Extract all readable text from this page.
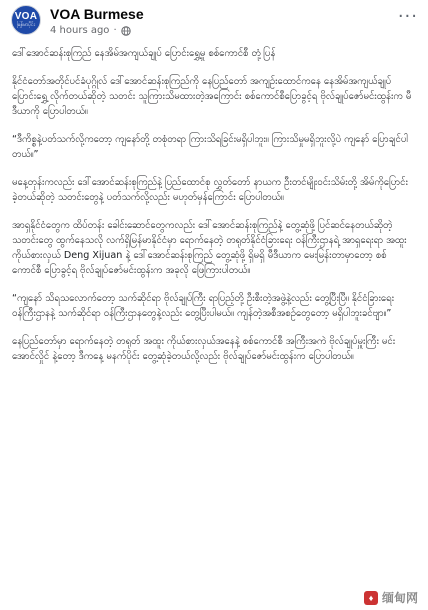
VOA
မြန်မာပိုင်း
VOA Burmese
4 hours ago ·
···

ဒေါ်အောင်ဆန်းစုကြည် နေအိမ်အကျယ်ချုပ် ပြောင်းရွှေ့မှု စစ်ကောင်စီ တုံ့ပြန်

နိုင်ငံတော်အတိုင်ပင်ခံပုဂ္ဂိုလ် ဒေါ်အောင်ဆန်းစုကြည်ကို နေပြည်တော် အကျဉ်းထောင်ကနေ နေအိမ်အကျယ်ချုပ် ပြောင်းရွှေ့ လိုက်တယ်ဆိုတဲ့ သတင်း သူကြားသိမထားတဲ့အကြောင်း စစ်ကောင်စီပြောခွင့်ရ ဗိုလ်ချုပ်ဇော်မင်းထွန်းက မီဒီယာကို ပြောပါတယ်။

“ဒီကိစ္စနဲ့ပတ်သက်လို့ကတော့ ကျနော်တို့ တစုံတရာ ကြားသိရခြင်းမရှိပါဘူး။ ကြားသိမှုမရှိဘူးလို့ပဲ ကျနော် ပြောချင်ပါတယ်။”

မနေ့တုန်းကလည်း ဒေါ်အောင်ဆန်းစုကြည်နဲ့ ပြည်ထောင်စု လွှတ်တော် နာယက ဦးတင်မျိုးဝင်းသိမ်းတို့ အိမ်ကိုပြောင်းခဲ့တယ်ဆိုတဲ့ သတင်းတွေနဲ့ ပတ်သက်လို့လည်း မဟုတ်မှန်ကြောင်း ပြောပါတယ်။

အာရှနိုင်ငံတွေက ထိပ်တန်း ခေါင်းဆောင်တွေကလည်း ဒေါ်အောင်ဆန်းစုကြည်နဲ့ တွေ့ဆုံဖို့ ပြင်ဆင်နေတယ်ဆိုတဲ့ သတင်းတွေ ထွက်နေသလို လက်ရှိမြန်မာနိုင်ငံမှာ ရောက်နေတဲ့ တရုတ်နိုင်ငံခြားရေး ဝန်ကြီးဌာနရဲ့ အာရှရေးရာ အထူးကိုယ်စားလှယ် Deng Xijuan နဲ့ ဒေါ်အောင်ဆန်းစုကြည် တွေ့ဆုံဖို့ ရှိမရှိ မီဒီယာက မေးမြန်းတာမှာတော့ စစ်ကောင်စီ ပြောခွင့်ရ ဗိုလ်ချုပ်ဇော်မင်းထွန်းက အခုလို ဖြေကြားပါတယ်။

“ကျနော် သိရသလောက်တော့ သက်ဆိုင်ရာ ဗိုလ်ချုပ်ကြီး ရာပြည့်တို့ ဦးစီးတဲ့အဖွဲ့နဲ့လည်း တွေ့ပြီးပြီ။ နိုင်ငံခြားရေးဝန်ကြီးဌာနနဲ့ သက်ဆိုင်ရာ ဝန်ကြီးဌာနတွေနဲ့လည်း တွေ့ပြီးပါမယ်။ ကျန်တဲ့အစီအစဉ်တွေတော့ မရှိပါဘူးခင်ဗျာ။”

နေပြည်တော်မှာ ရောက်နေတဲ့ တရုတ် အထူး ကိုယ်စားလှယ်အနေနဲ့ စစ်ကောင်စီ အကြီးအကဲ ဗိုလ်ချုပ်မှူးကြီး မင်းအောင်လှိုင် နဲ့တော့ ဒီကနေ့ မနက်ပိုင်း တွေ့ဆုံခဲ့တယ်လို့လည်း ဗိုလ်ချုပ်ဇော်မင်းထွန်းက ပြောပါတယ်။

♦ 缅甸网
